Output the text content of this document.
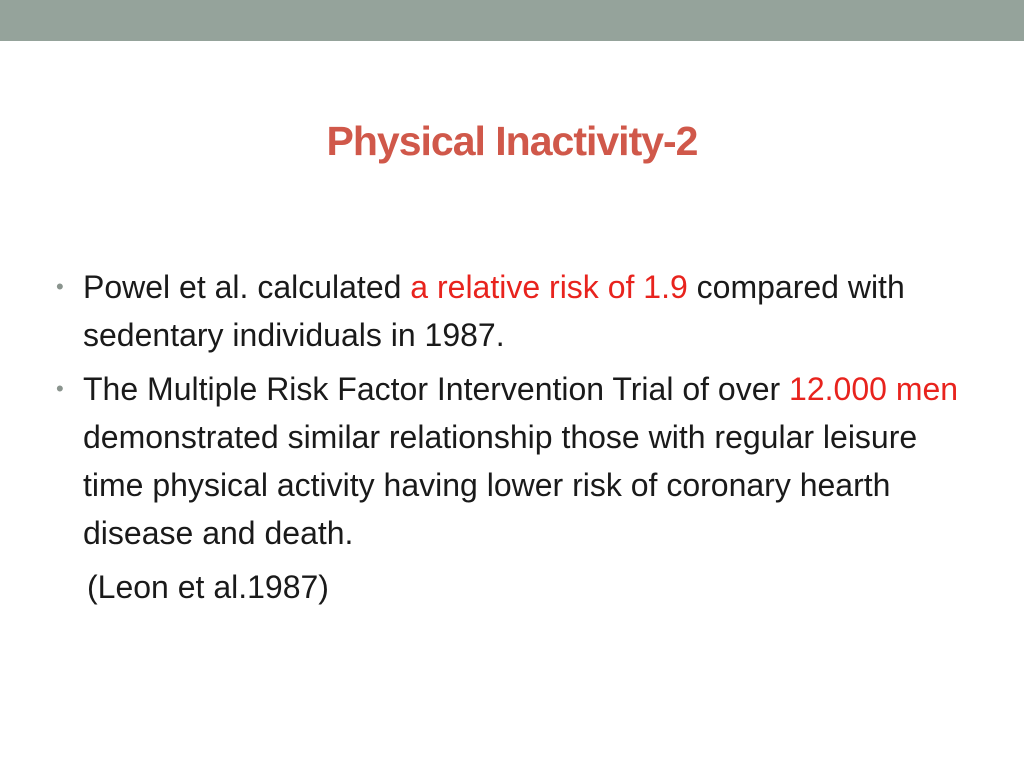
Physical Inactivity-2
• Powel et al. calculated a relative risk of 1.9 compared with sedentary individuals in 1987.
• The Multiple Risk Factor Intervention Trial of over 12.000 men demonstrated similar relationship those with regular leisure time physical activity having lower risk of coronary hearth disease and death.
(Leon et al.1987)
